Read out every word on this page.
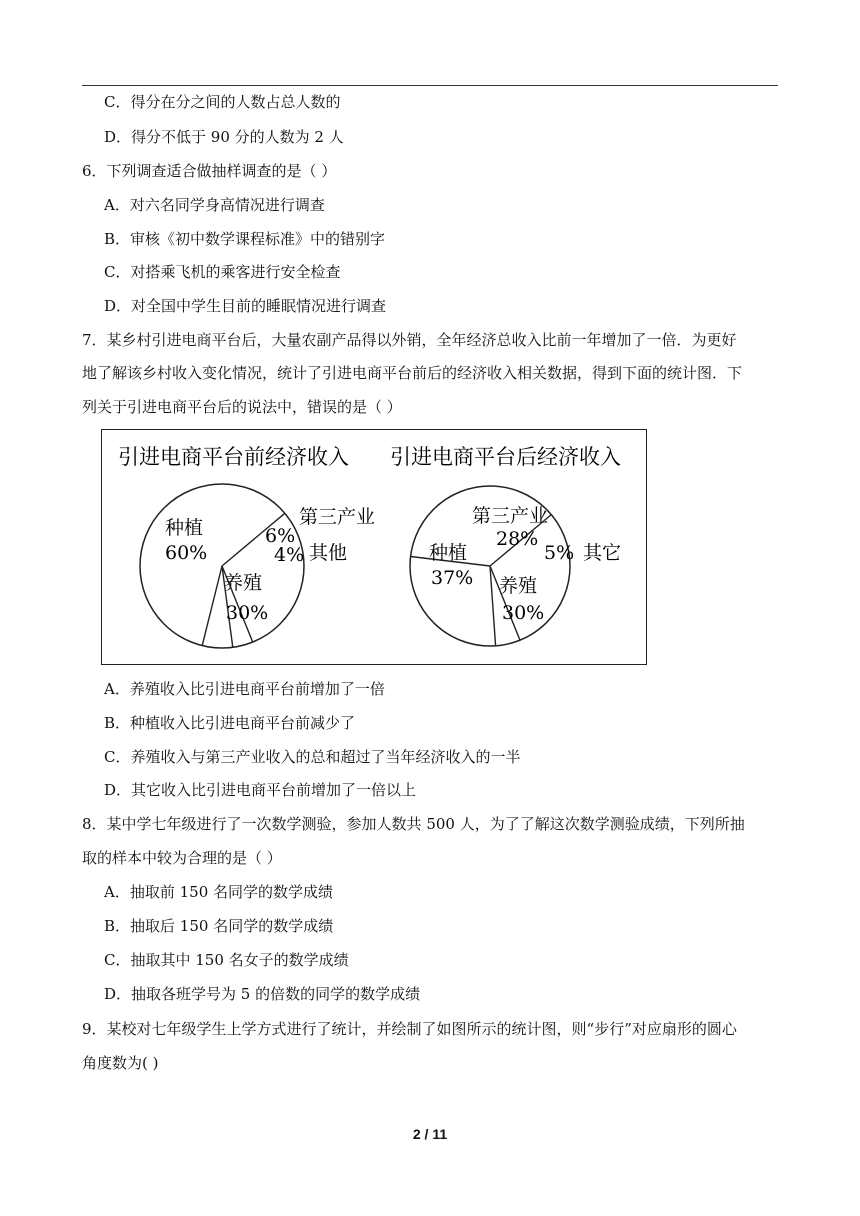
C．得分在分之间的人数占总人数的
D．得分不低于 90 分的人数为 2 人
6．下列调查适合做抽样调查的是（ ）
A．对六名同学身高情况进行调查
B．审核《初中数学课程标准》中的错别字
C．对搭乘飞机的乘客进行安全检查
D．对全国中学生目前的睡眠情况进行调查
7．某乡村引进电商平台后，大量农副产品得以外销，全年经济总收入比前一年增加了一倍．为更好
地了解该乡村收入变化情况，统计了引进电商平台前后的经济收入相关数据，得到下面的统计图．下
列关于引进电商平台后的说法中，错误的是（ ）
引进电商平台前经济收入
种植
60%
6%
4%
养殖
30%
第三产业
其他
引进电商平台后经济收入
第三产业
28%
5% 其它
种植
37% 养殖
30%
A．养殖收入比引进电商平台前增加了一倍
B．种植收入比引进电商平台前减少了
C．养殖收入与第三产业收入的总和超过了当年经济收入的一半
D．其它收入比引进电商平台前增加了一倍以上
8．某中学七年级进行了一次数学测验，参加人数共 500 人，为了了解这次数学测验成绩，下列所抽
取的样本中较为合理的是（ ）
A．抽取前 150 名同学的数学成绩
B．抽取后 150 名同学的数学成绩
C．抽取其中 150 名女子的数学成绩
D．抽取各班学号为 5 的倍数的同学的数学成绩
9．某校对七年级学生上学方式进行了统计，并绘制了如图所示的统计图，则“步行”对应扇形的圆心
角度数为( )
2 / 11
